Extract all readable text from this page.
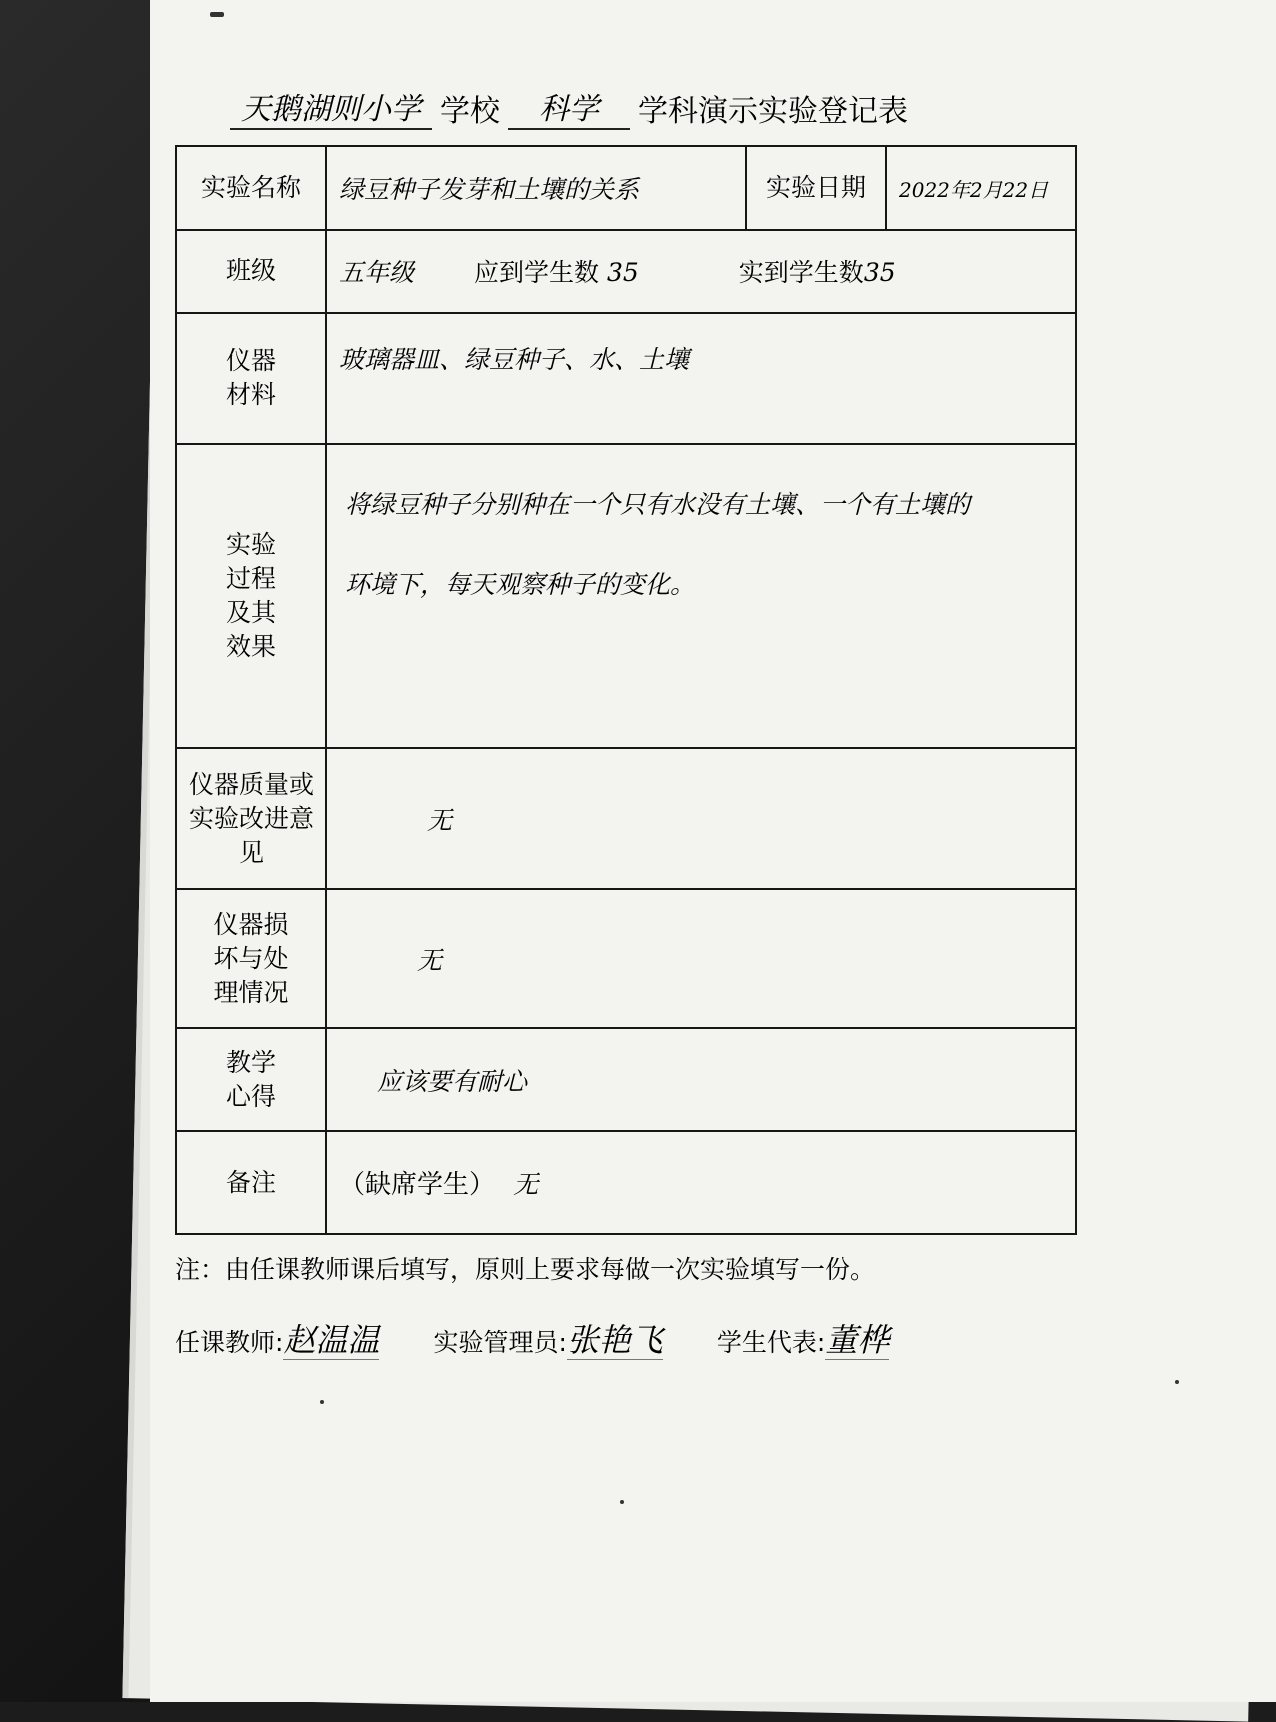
天鹅湖则小学 学校	科学	学科演示实验登记表
实验名称	绿豆种子发芽和土壤的关系	实验日期	2022年2月22日
班级	五年级 应到学生数 35 实到学生数35		

仪器材料	玻璃器皿、绿豆种子、水、土壤		

实验过程及其效果	将绿豆种子分别种在一个只有水没有土壤、一个有土壤的
环境下，每天观察种子的变化。		

仪器质量或实验改进意见	无		

仪器损坏与处理情况	无		

教学心得	应该要有耐心		
备注	（缺席学生） 无		
注：由任课教师课后填写，原则上要求每做一次实验填写一份。
任课教师:赵温温 实验管理员:张艳飞 学生代表:董桦
